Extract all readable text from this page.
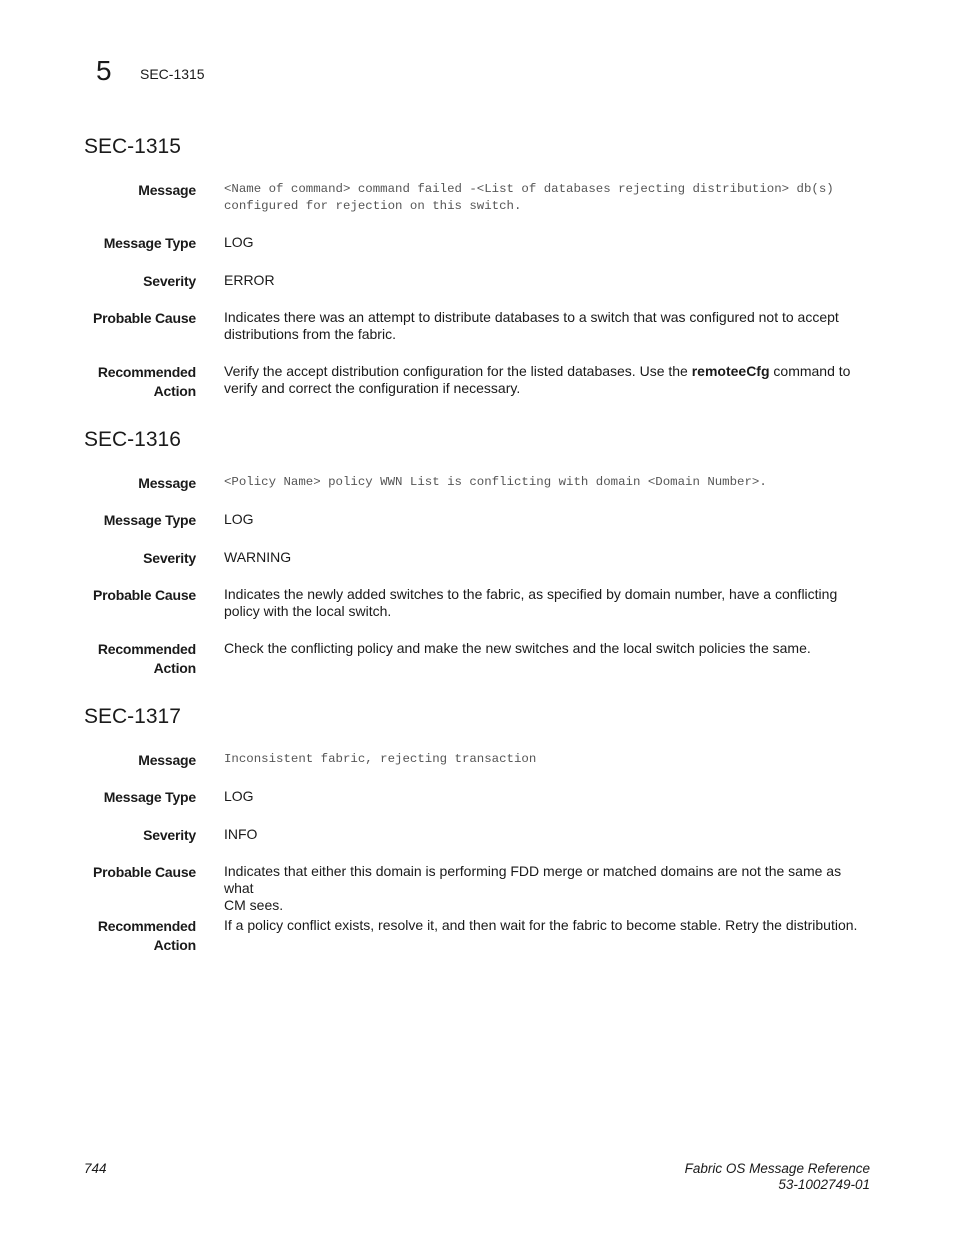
5 SEC-1315
SEC-1315
Message <Name of command> command failed -<List of databases rejecting distribution> db(s)
configured for rejection on this switch.
Message Type LOG
Severity ERROR
Probable Cause Indicates there was an attempt to distribute databases to a switch that was configured not to accept
distributions from the fabric.
Recommended
Action
Verify the accept distribution configuration for the listed databases. Use the remoteeCfg command to
verify and correct the configuration if necessary.
SEC-1316
Message <Policy Name> policy WWN List is conflicting with domain <Domain Number>.
Message Type LOG
Severity WARNING
Probable Cause Indicates the newly added switches to the fabric, as specified by domain number, have a conflicting
policy with the local switch.
Recommended
Action
Check the conflicting policy and make the new switches and the local switch policies the same.
SEC-1317
Message Inconsistent fabric, rejecting transaction
Message Type LOG
Severity INFO
Probable Cause Indicates that either this domain is performing FDD merge or matched domains are not the same as what
CM sees.
Recommended
Action
If a policy conflict exists, resolve it, and then wait for the fabric to become stable. Retry the distribution.
744	Fabric OS Message Reference
53-1002749-01
